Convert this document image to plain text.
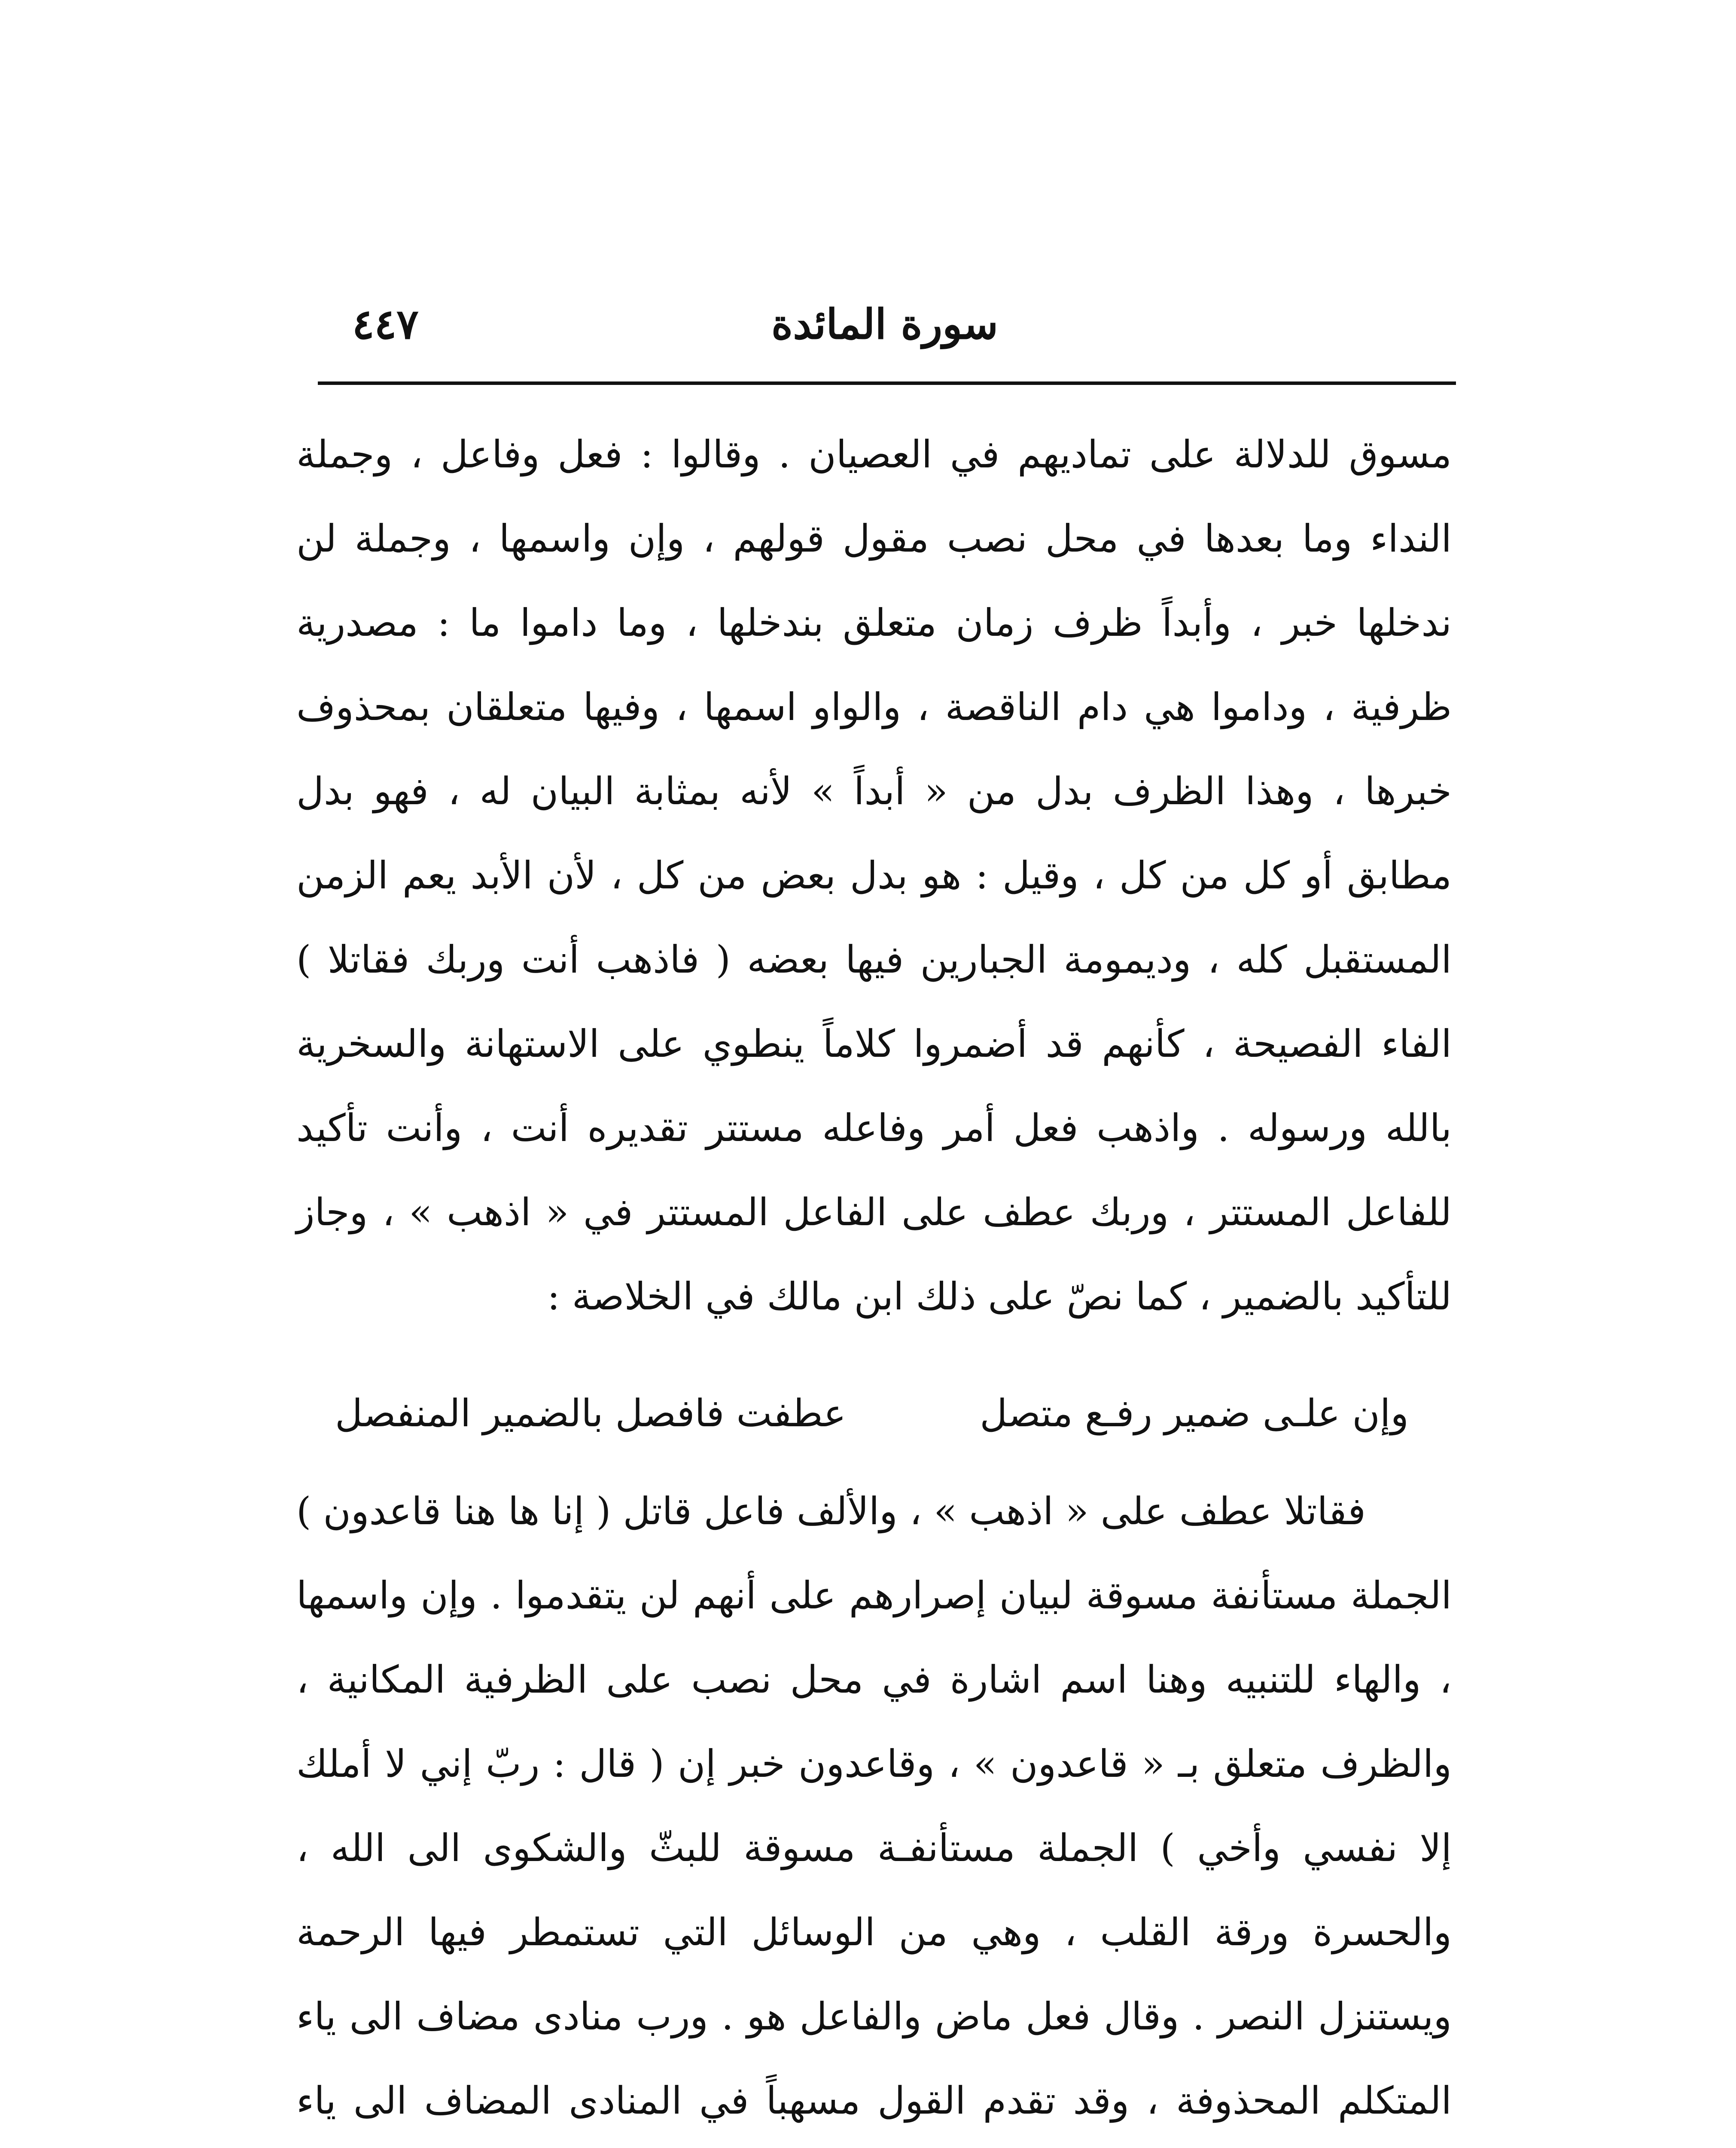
سورة المائدة
٤٤٧
مسوق للدلالة على تماديهم في العصيان . وقالوا : فعل وفاعل ، وجملة النداء وما بعدها في محل نصب مقول قولهم ، وإن واسمها ، وجملة لن ندخلها خبر ، وأبداً ظرف زمان متعلق بندخلها ، وما داموا ما : مصدرية ظرفية ، وداموا هي دام الناقصة ، والواو اسمها ، وفيها متعلقان بمحذوف خبرها ، وهذا الظرف بدل من « أبداً » لأنه بمثابة البيان له ، فهو بدل مطابق أو كل من كل ، وقيل : هو بدل بعض من كل ، لأن الأبد يعم الزمن المستقبل كله ، وديمومة الجبارين فيها بعضه ( فاذهب أنت وربك فقاتلا ) الفاء الفصيحة ، كأنهم قد أضمروا كلاماً ينطوي على الاستهانة والسخرية بالله ورسوله . واذهب فعل أمر وفاعله مستتر تقديره أنت ، وأنت تأكيد للفاعل المستتر ، وربك عطف على الفاعل المستتر في « اذهب » ، وجاز للتأكيد بالضمير ، كما نصّ على ذلك ابن مالك في الخلاصة :
وإن علـى ضمير رفـع متصل
عطفت فافصل بالضمير المنفصل
فقاتلا عطف على « اذهب » ، والألف فاعل قاتل ( إنا ها هنا قاعدون ) الجملة مستأنفة مسوقة لبيان إصرارهم على أنهم لن يتقدموا . وإن واسمها ، والهاء للتنبيه وهنا اسم اشارة في محل نصب على الظرفية المكانية ، والظرف متعلق بـ « قاعدون » ، وقاعدون خبر إن ( قال : ربّ إني لا أملك إلا نفسي وأخي ) الجملة مستأنفـة مسوقة للبثّ والشكوى الى الله ، والحسرة ورقة القلب ، وهي من الوسائل التي تستمطر فيها الرحمة ويستنزل النصر . وقال فعل ماض والفاعل هو . ورب منادى مضاف الى ياء المتكلم المحذوفة ، وقد تقدم القول مسهباً في المنادى المضاف الى ياء
